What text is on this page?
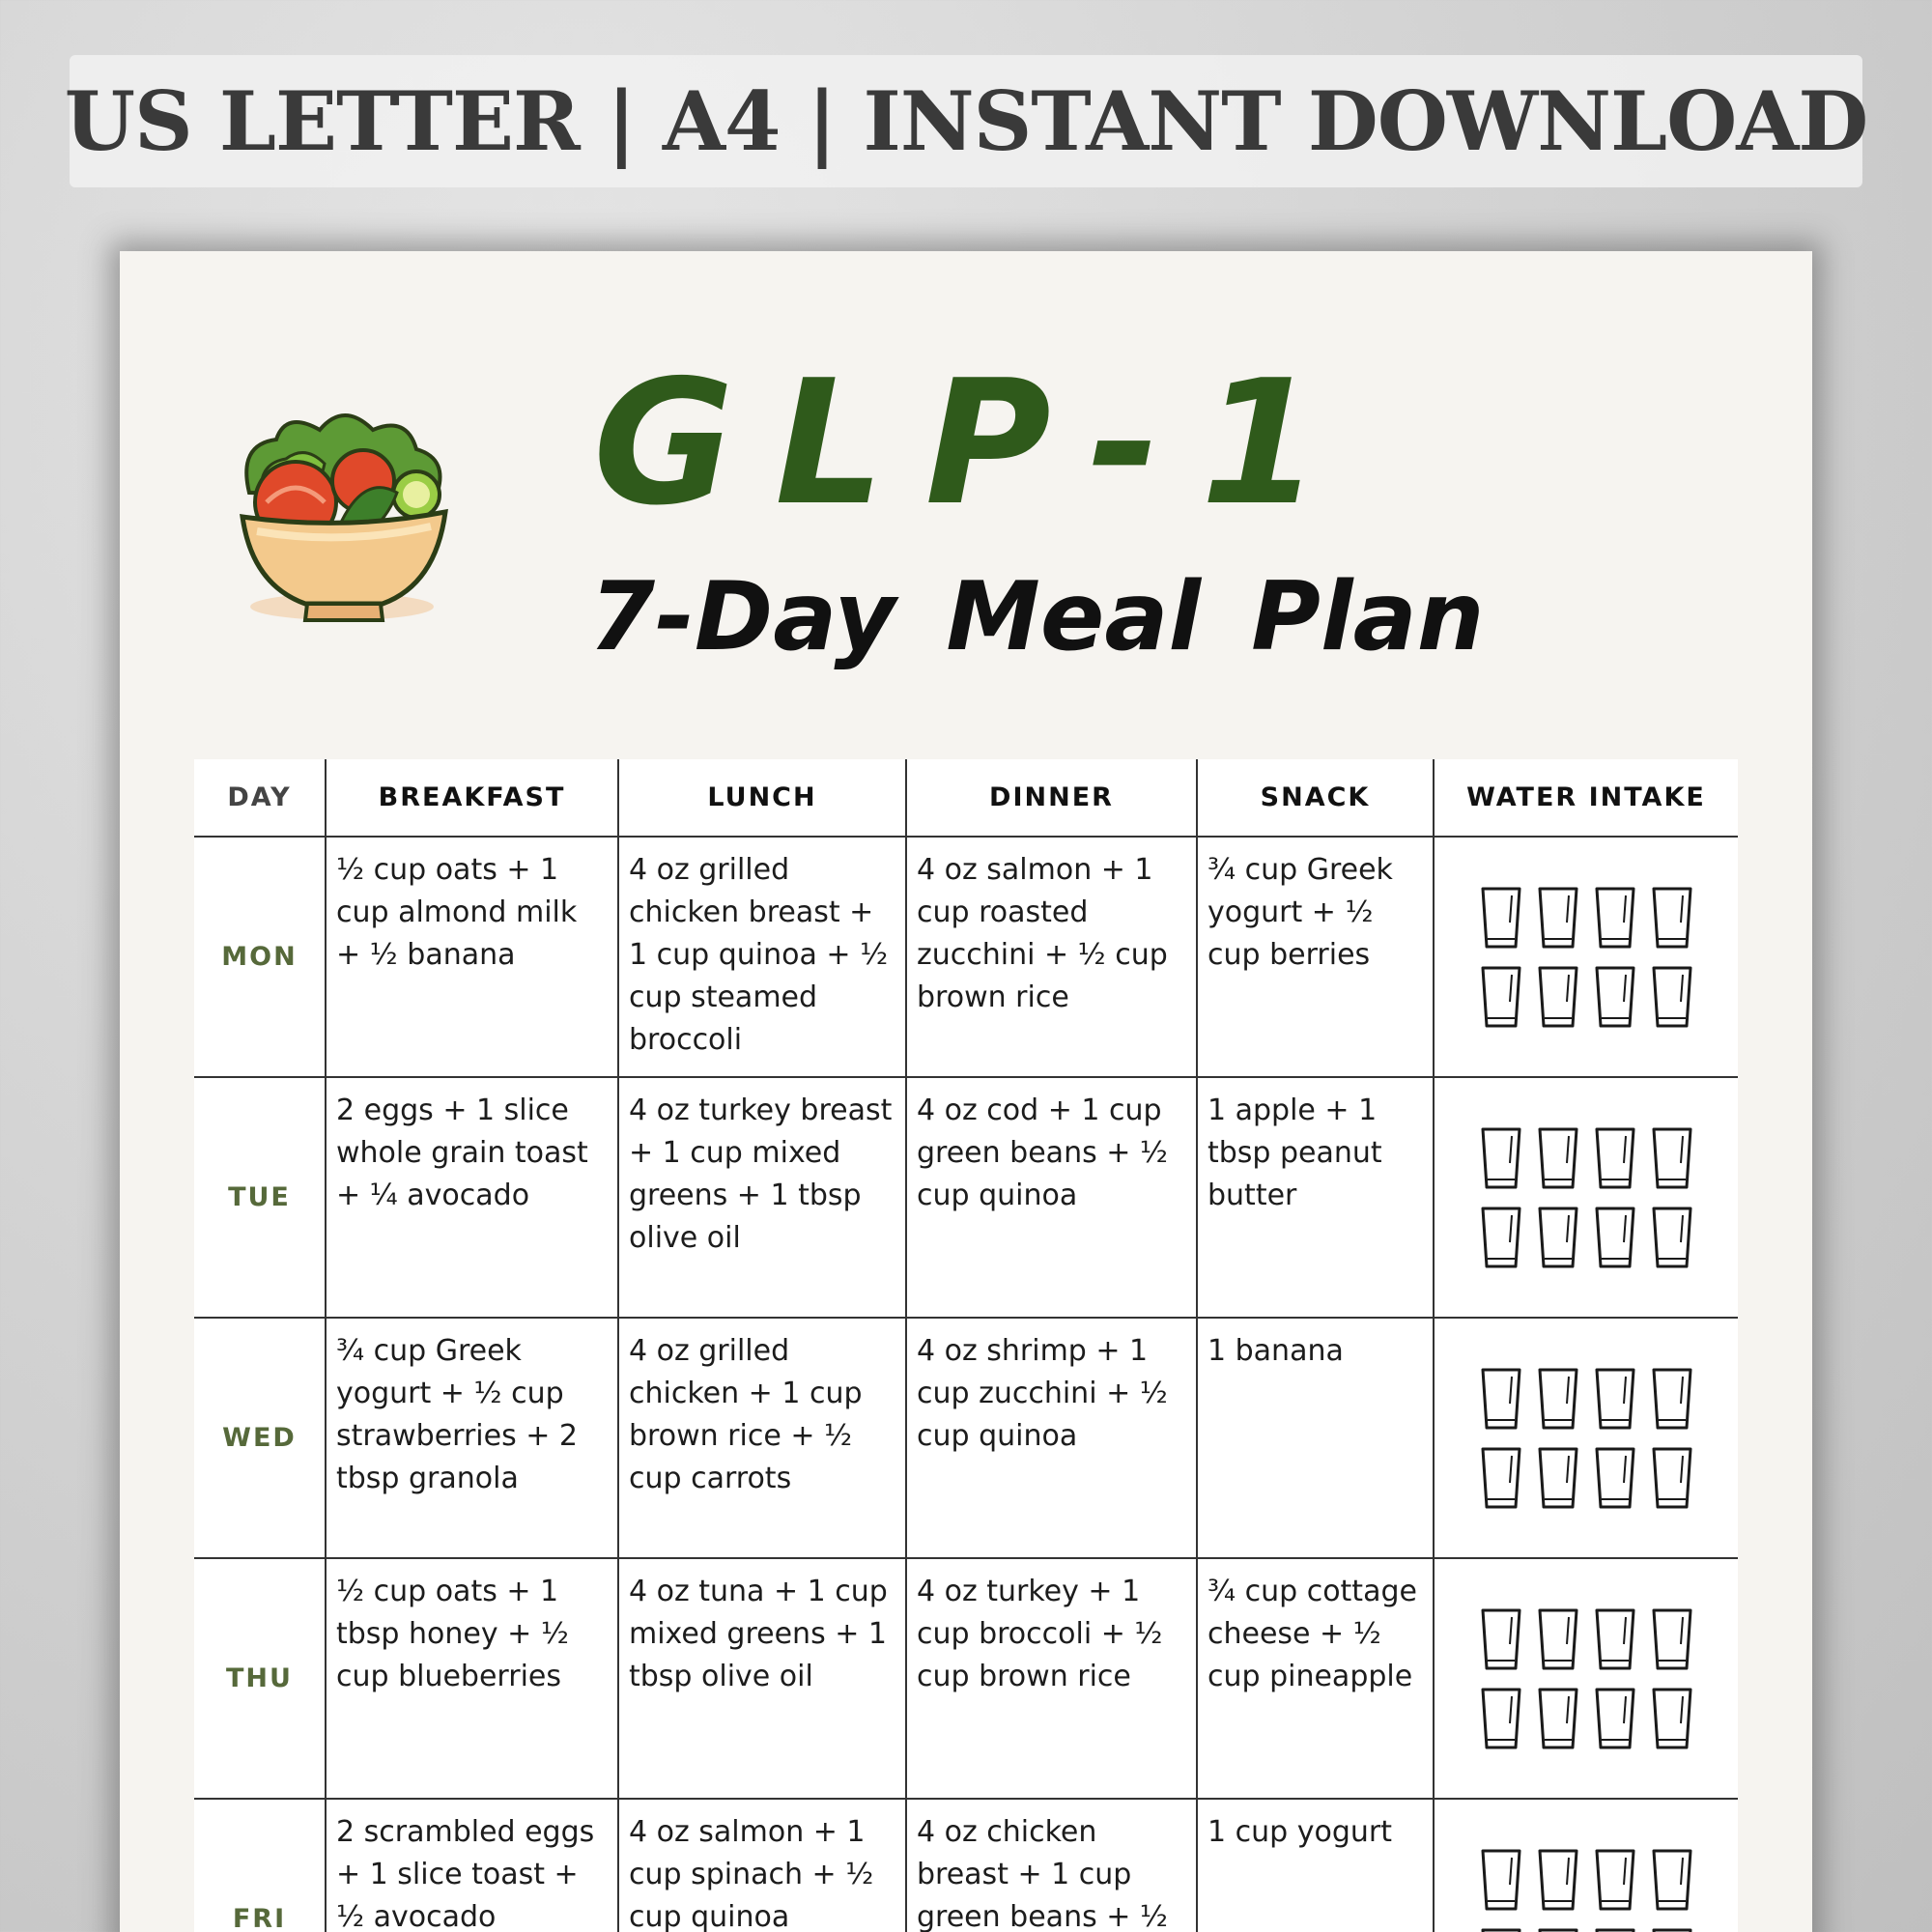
US LETTER | A4 | INSTANT DOWNLOAD
GLP-1
7-Day Meal Plan
DAY	BREAKFAST	LUNCH	DINNER	SNACK	WATER INTAKE
MON	½ cup oats + 1 cup almond milk + ½ banana	4 oz grilled chicken breast + 1 cup quinoa + ½ cup steamed broccoli	4 oz salmon + 1 cup roasted zucchini + ½ cup brown rice	¾ cup Greek yogurt + ½ cup berries	

TUE	2 eggs + 1 slice whole grain toast + ¼ avocado	4 oz turkey breast + 1 cup mixed greens + 1 tbsp olive oil	4 oz cod + 1 cup green beans + ½ cup quinoa	1 apple + 1 tbsp peanut butter	

WED	¾ cup Greek yogurt + ½ cup strawberries + 2 tbsp granola	4 oz grilled chicken + 1 cup brown rice + ½ cup carrots	4 oz shrimp + 1 cup zucchini + ½ cup quinoa	1 banana	

THU	½ cup oats + 1 tbsp honey + ½ cup blueberries	4 oz tuna + 1 cup mixed greens + 1 tbsp olive oil	4 oz turkey + 1 cup broccoli + ½ cup brown rice	¾ cup cottage cheese + ½ cup pineapple	

FRI	2 scrambled eggs + 1 slice toast + ½ avocado	4 oz salmon + 1 cup spinach + ½ cup quinoa	4 oz chicken breast + 1 cup green beans + ½	1 cup yogurt	
